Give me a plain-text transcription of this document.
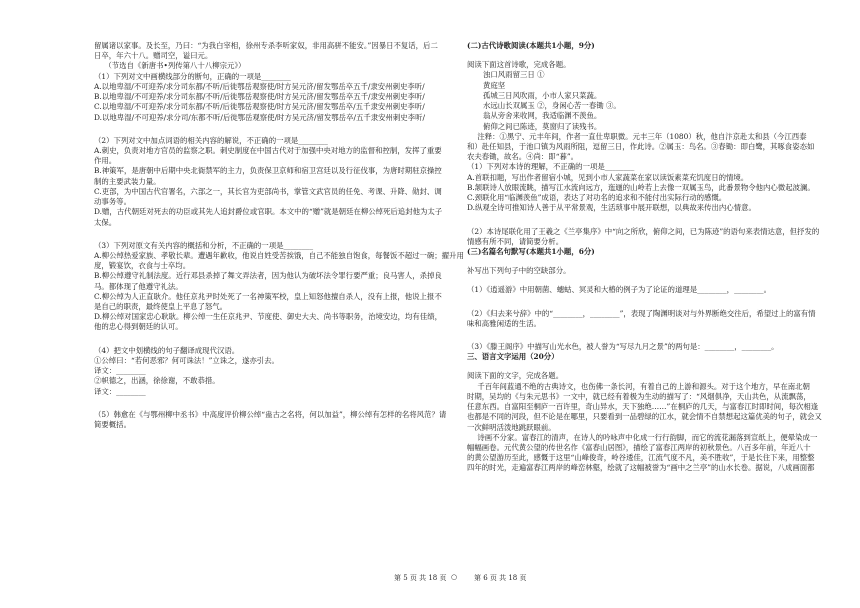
留属诸以家事。及长至，乃曰：“为我白宰相，徐州专杀李听家奴，非用高骈不能安。”因暴日不复话，后二

日卒，年六十八。赠司空，谥曰元。

（节选自《新唐书•列传第八十八柳宗元》）

（1）下列对文中画横线部分的断句，正确的一项是________

A.以地卑湿/不可迎养/求分司东都/不听/后徙鄂岳观察使/时方吴元济/留发鄂岳卒五千/隶安州刺史李听/

B.以地卑湿/不可迎养/求分司东都/不听/后徙鄂岳观察使/时方吴元济/留发鄂岳卒五千/隶安州刺史李听/

C.以地卑湿/不可迎养/求分司东都/不听/后徙鄂岳观察使/时方吴元济/留发鄂岳卒/五千隶安州刺史李听/

D.以地卑湿/不可迎养/求分司/东都不听/后徙鄂岳观察使/时方吴元济/留发鄂岳卒/五千隶安州刺史李听/

（2）下列对文中加点词语的相关内容的解说，不正确的一项是________

A.刺史，负责对地方官员的监察之职。刺史制度在中国古代对于加强中央对地方的监督和控制，发挥了重要

作用。

B.神策军，是唐朝中后期中央北衙禁军的主力，负责保卫京师和宿卫宫廷以及行征伐事，为唐时期驻京操控

制的主要武装力量。

C.吏部，为中国古代官署名，六部之一，其长官为吏部尚书，掌管文武官员的任免、考课、升降、勋封、调

动事务等。

D.赠，古代朝廷对死去的功臣或其先人追封爵位或官职。本文中的“赠”就是朝廷在柳公绰死后追封他为太子

太保。

（3）下列对原文有关内容的概括和分析，不正确的一项是________

A.柳公绰热爱家族、孝敬长辈。遭遇年歉收，他说自姓受苦挨饿，自己不能独自饱食，每餐饭不超过一碗；擢升用

度，锻宴饮，衣食与士卒均。

B.柳公绰遵守礼制法度。近行邓县杀掉了舞文弄法者，因为他认为破坏法令罪行要严重；良马害人，杀掉良

马。都体现了他遵守礼法。

C.柳公绰为人正直耿介。他任京兆尹时处死了一名神策军校，皇上知怒他擅自杀人，没有上报，他说上报不

是自己的职责，最终使皇上平息了怒气。

D.柳公绰对国家忠心耿耿。柳公绰一生任京兆尹、节度使、御史大夫、尚书等职务，治境安边，均有佳绩，

他的忠心得到朝廷的认可。

（4）把文中划横线的句子翻译成现代汉语。

①公绰曰：“若何恶邪？何可诛法！”立诛之，遂亦引去。

译文：________

②帜德之，出涵，徐徐谢，不敢恭措。

译文：________

（5）韩愈在《与鄂州柳中丞书》中高度评价柳公绰“蛊古之名将，何以加益”，柳公绰有怎样的名将风范？请

简要概括。

(二)古代诗歌阅读(本题共1小题，9分)

阅读下面这首诗歌，完成各题。

浊口风雨留三日 ①

黄庭坚

孤城三日风吹雨，小市人家只菜蔬。

水远山长双属玉 ②，身闲心苦一春锄 ③。

翁从旁舍来收网，我适临渊不羡鱼。

俯仰之间已陈迹，莫窗归了读残书。

注释：①黑宁、元丰年间，作者一直仕卑职微。元丰三年（1080）秋，他自汴京赴太和县（今江西泰

和）赴任知县，于池口镇为风雨所阻，逗留三日，作此诗。②属玉：鸟名。③春锄：即白鹭，其啄食姿态如

农夫春锄，故名。④尚：即“暮”。

（1）下列对本诗的理解，不正确的一项是________

A.首联扣题，写出作者留宿小城，见到小市人家蔬菜在家以读饭素菜充饥度日的情境。

B.颔联诗人放眼流眺，描写江水流向远方，迤逦的山岭若上去像一双属玉鸟，此番景物令他内心微起波澜。

C.颈联化用“临渊羡鱼”成语，表达了对功名的追求和不能付出实际行动的感慨。

D.纵观全诗可推知诗人善于从平常景观，生活琐事中展开联想，以典故来传出内心情意。

（2）本诗尾联化用了王羲之《兰亭集序》中“向之所欣，俯仰之间，已为陈迹”的语句来表情达意，但抒发的

情感有所不同，请简要分析。

(三)名篇名句默写(本题共1小题，6分)

补写出下列句子中的空缺部分。

（1）《逍遥游》中用朝菌、蟪蛄、冥灵和大椿的例子为了论证的道理是________，________。

（2）《归去来兮辞》中的“________，________”，表现了陶渊明谈对与外界断绝交往后，希望过上的富有情

味和高雅闲适的生活。

（3）《滕王阁序》中描写山光水色，被人誉为“写尽九月之景”的两句是：________，________。

三、语言文字运用（20分）

阅读下面的文字，完成各题。

千百年间蓝通不绝的古典诗文，也伤佛一条长河，有着自己的上游和源头。对于这个地方，早在南北朝

时期，吴均的《与朱元思书》一文中，就已经有着极为生动的描写了：“风烟俱净，天山共色，从流飘荡，

任意东西。自富阳至桐庐一百许里，奇山异水，天下独绝……”在桐庐的几天，与富春江时即时间，每次相逢

也都是不同的河段，但不论是在哪里，只要看到一品碧绿的江水，就会情不自禁想起这篇优美的句子，就会又

一次鲜明活泼地跳跃眼前。

诗画不分家。富春江的清声，在诗人的吟咏声中化成一行行韵脚，而它的流花漏落到宣纸上，便晕染成一

幅幅画卷。元代黄公望的传世名作《富春山居图》，描绘了富春江两岸的初秋景色。八百多年前，年近八十

的黄公望游历至此，感慨于这里“山峰俊奇，岭谷逶佳，江流气度不凡，美不胜收”，于是长住下来，用整整

四年的时光，走遍富春江两岸的峰峦林壑，绘就了这幅被誉为“画中之兰亭”的山水长卷。据说，八成画面都

第 5 页 共 18 页 ○ 第 6 页 共 18 页
